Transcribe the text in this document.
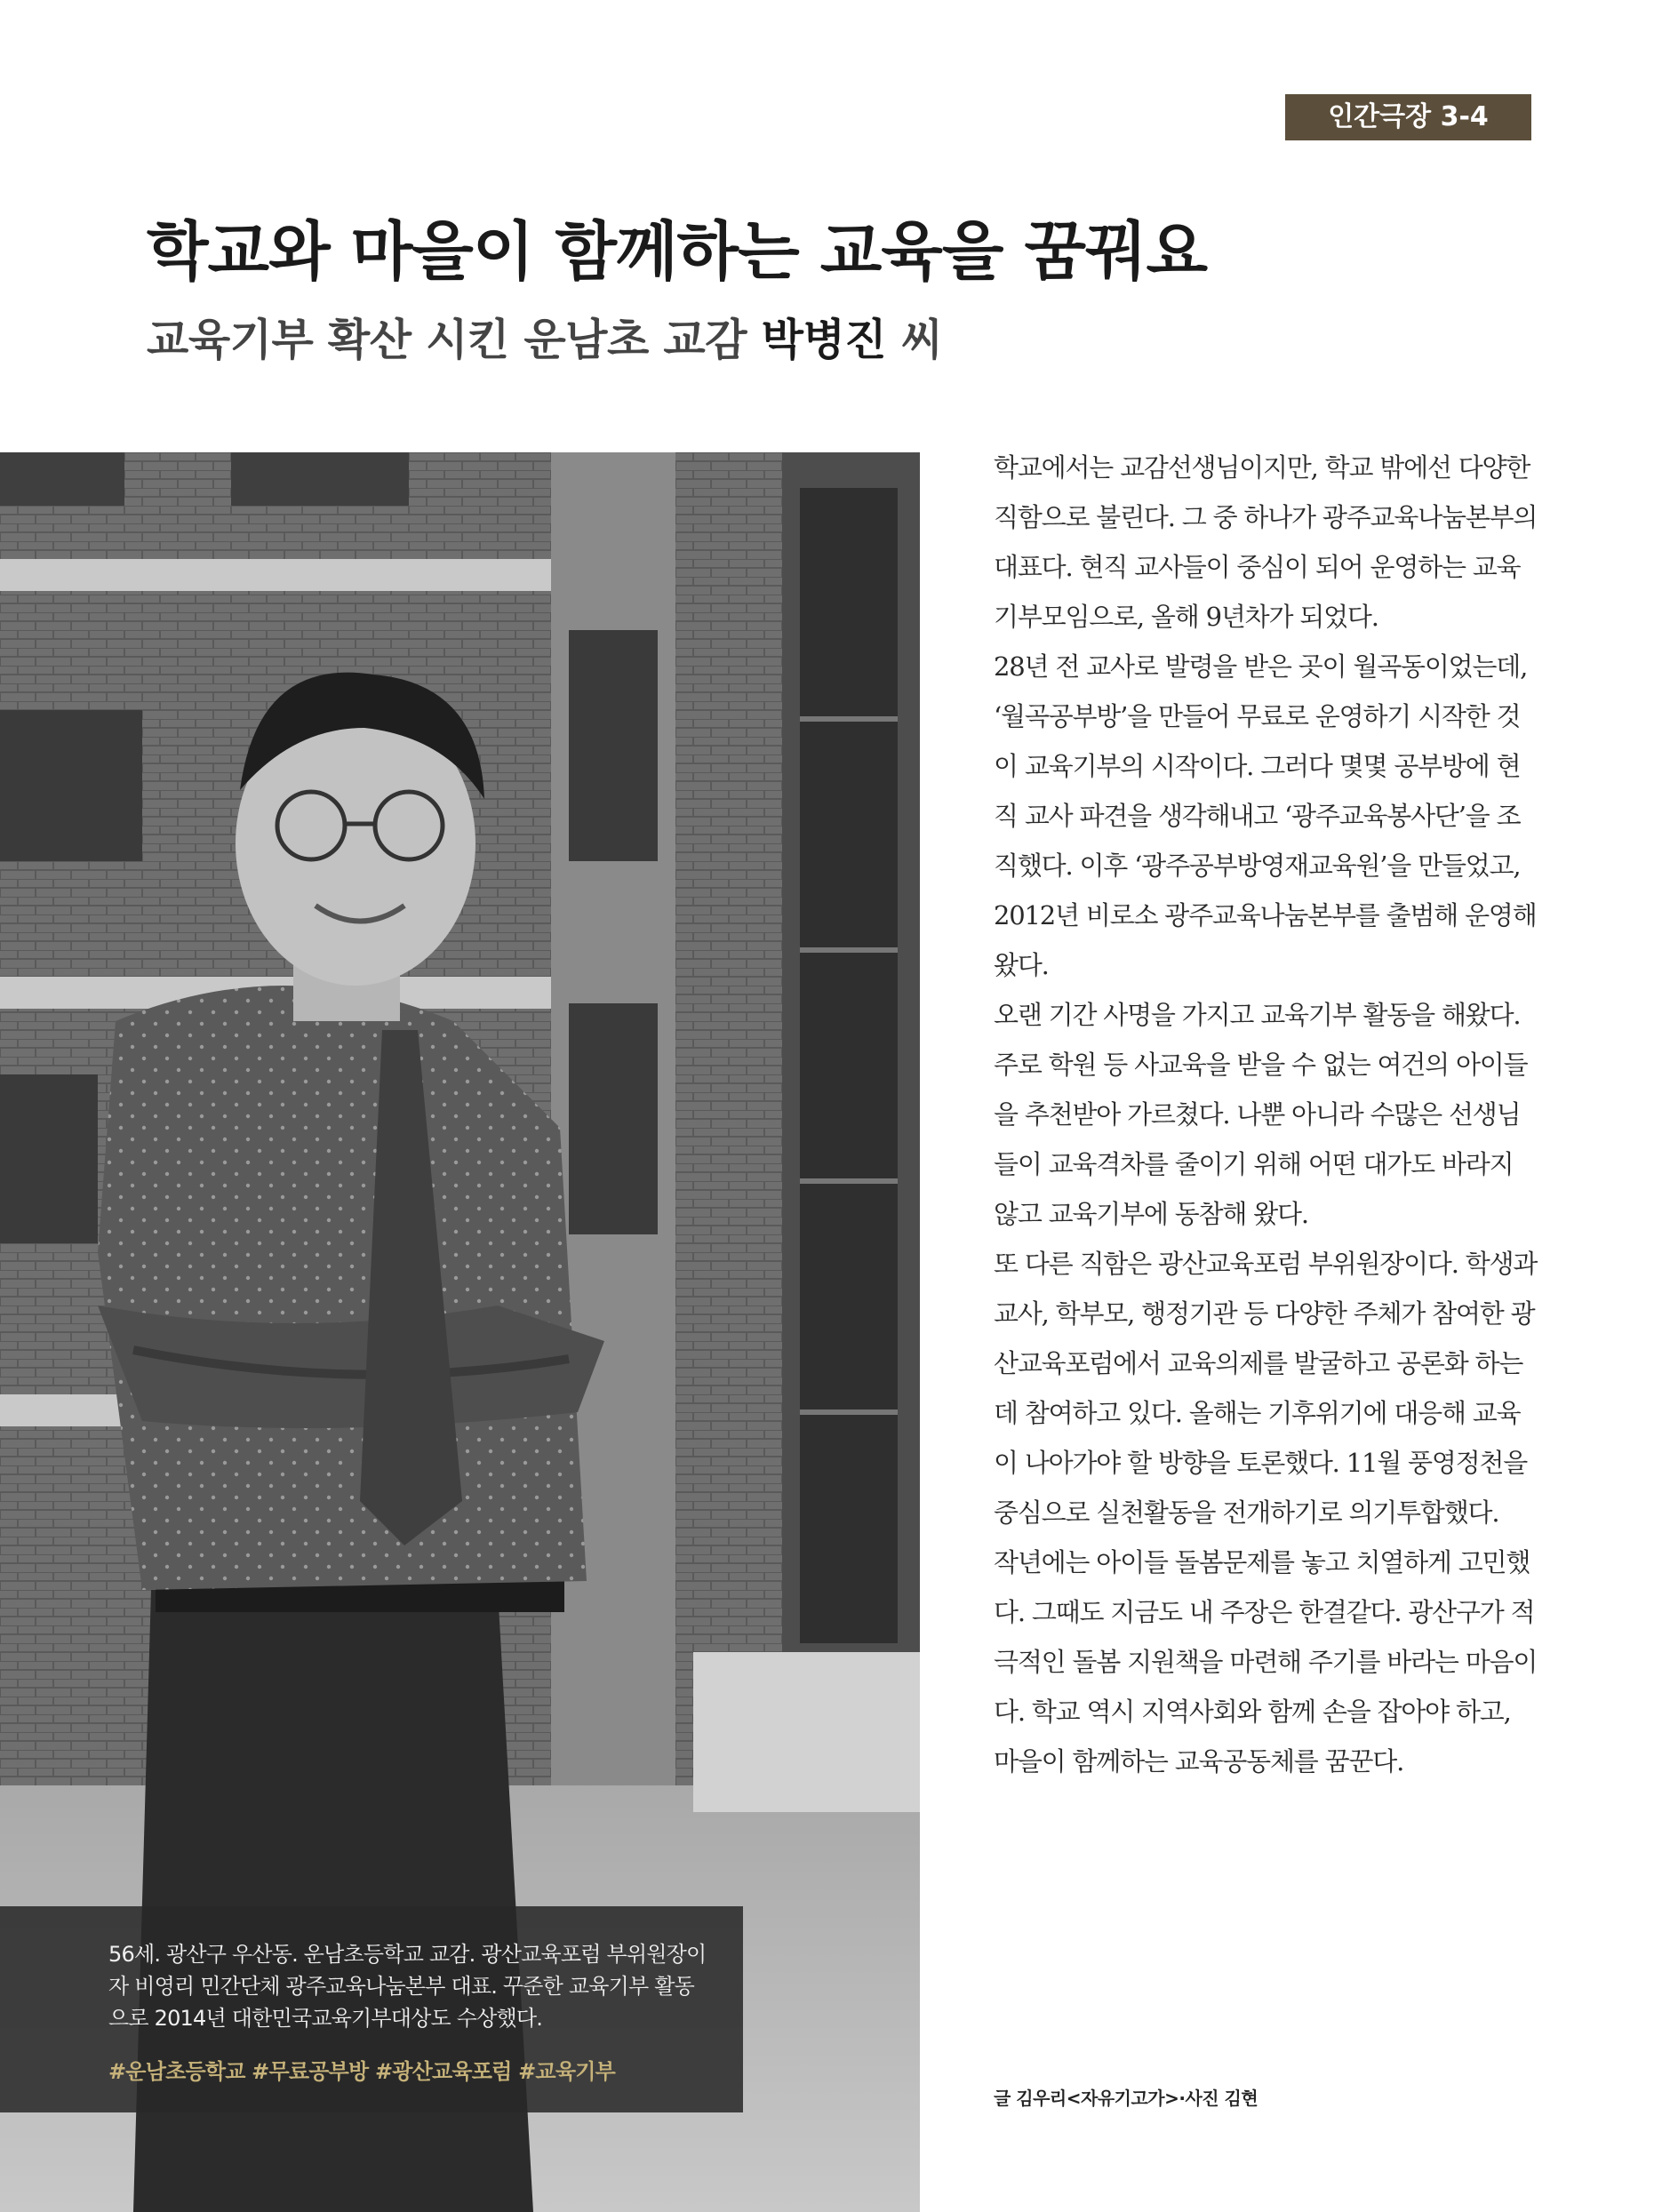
인간극장 3-4
학교와 마을이 함께하는 교육을 꿈꿔요
교육기부 확산 시킨 운남초 교감 박병진 씨

56세. 광산구 우산동. 운남초등학교 교감. 광산교육포럼 부위원장이자 비영리 민간단체 광주교육나눔본부 대표. 꾸준한 교육기부 활동으로 2014년 대한민국교육기부대상도 수상했다.

#운남초등학교 #무료공부방 #광산교육포럼 #교육기부

학교에서는 교감선생님이지만, 학교 밖에선 다양한 직함으로 불린다. 그 중 하나가 광주교육나눔본부의 대표다. 현직 교사들이 중심이 되어 운영하는 교육기부모임으로, 올해 9년차가 되었다.

28년 전 교사로 발령을 받은 곳이 월곡동이었는데, ‘월곡공부방’을 만들어 무료로 운영하기 시작한 것이 교육기부의 시작이다. 그러다 몇몇 공부방에 현직 교사 파견을 생각해내고 ‘광주교육봉사단’을 조직했다. 이후 ‘광주공부방영재교육원’을 만들었고, 2012년 비로소 광주교육나눔본부를 출범해 운영해 왔다.

오랜 기간 사명을 가지고 교육기부 활동을 해왔다. 주로 학원 등 사교육을 받을 수 없는 여건의 아이들을 추천받아 가르쳤다. 나뿐 아니라 수많은 선생님들이 교육격차를 줄이기 위해 어떤 대가도 바라지 않고 교육기부에 동참해 왔다.

또 다른 직함은 광산교육포럼 부위원장이다. 학생과 교사, 학부모, 행정기관 등 다양한 주체가 참여한 광산교육포럼에서 교육의제를 발굴하고 공론화 하는 데 참여하고 있다. 올해는 기후위기에 대응해 교육이 나아가야 할 방향을 토론했다. 11월 풍영정천을 중심으로 실천활동을 전개하기로 의기투합했다.

작년에는 아이들 돌봄문제를 놓고 치열하게 고민했다. 그때도 지금도 내 주장은 한결같다. 광산구가 적극적인 돌봄 지원책을 마련해 주기를 바라는 마음이다. 학교 역시 지역사회와 함께 손을 잡아야 하고, 마을이 함께하는 교육공동체를 꿈꾼다.

글 김우리<자유기고가>·사진 김현
